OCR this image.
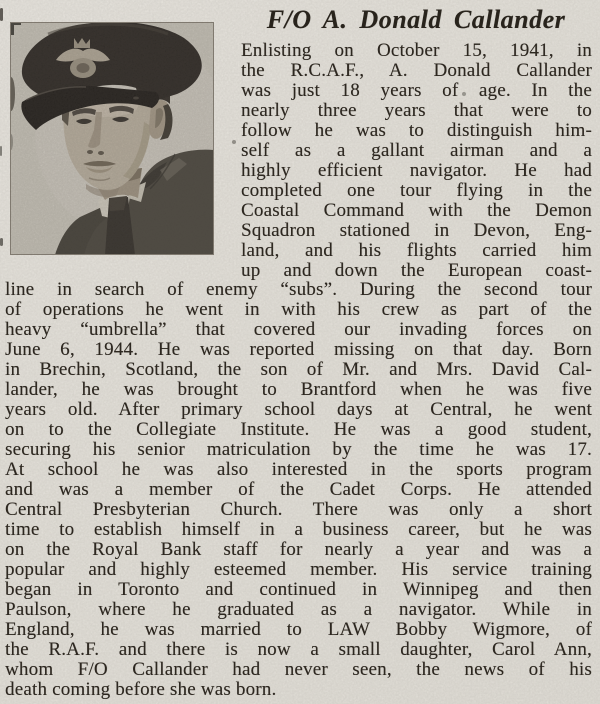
F/O A. Donald Callander
Enlisting on October 15, 1941, in
the R.C.A.F., A. Donald Callander
was just 18 years of age. In the
nearly three years that were to
follow he was to distinguish him-
self as a gallant airman and a
highly efficient navigator. He had
completed one tour flying in the
Coastal Command with the Demon
Squadron stationed in Devon, Eng-
land, and his flights carried him
up and down the European coast-
line in search of enemy “subs”. During the second tour
of operations he went in with his crew as part of the
heavy “umbrella” that covered our invading forces on
June 6, 1944. He was reported missing on that day. Born
in Brechin, Scotland, the son of Mr. and Mrs. David Cal-
lander, he was brought to Brantford when he was five
years old. After primary school days at Central, he went
on to the Collegiate Institute. He was a good student,
securing his senior matriculation by the time he was 17.
At school he was also interested in the sports program
and was a member of the Cadet Corps. He attended
Central Presbyterian Church. There was only a short
time to establish himself in a business career, but he was
on the Royal Bank staff for nearly a year and was a
popular and highly esteemed member. His service training
began in Toronto and continued in Winnipeg and then
Paulson, where he graduated as a navigator. While in
England, he was married to LAW Bobby Wigmore, of
the R.A.F. and there is now a small daughter, Carol Ann,
whom F/O Callander had never seen, the news of his
death coming before she was born.
